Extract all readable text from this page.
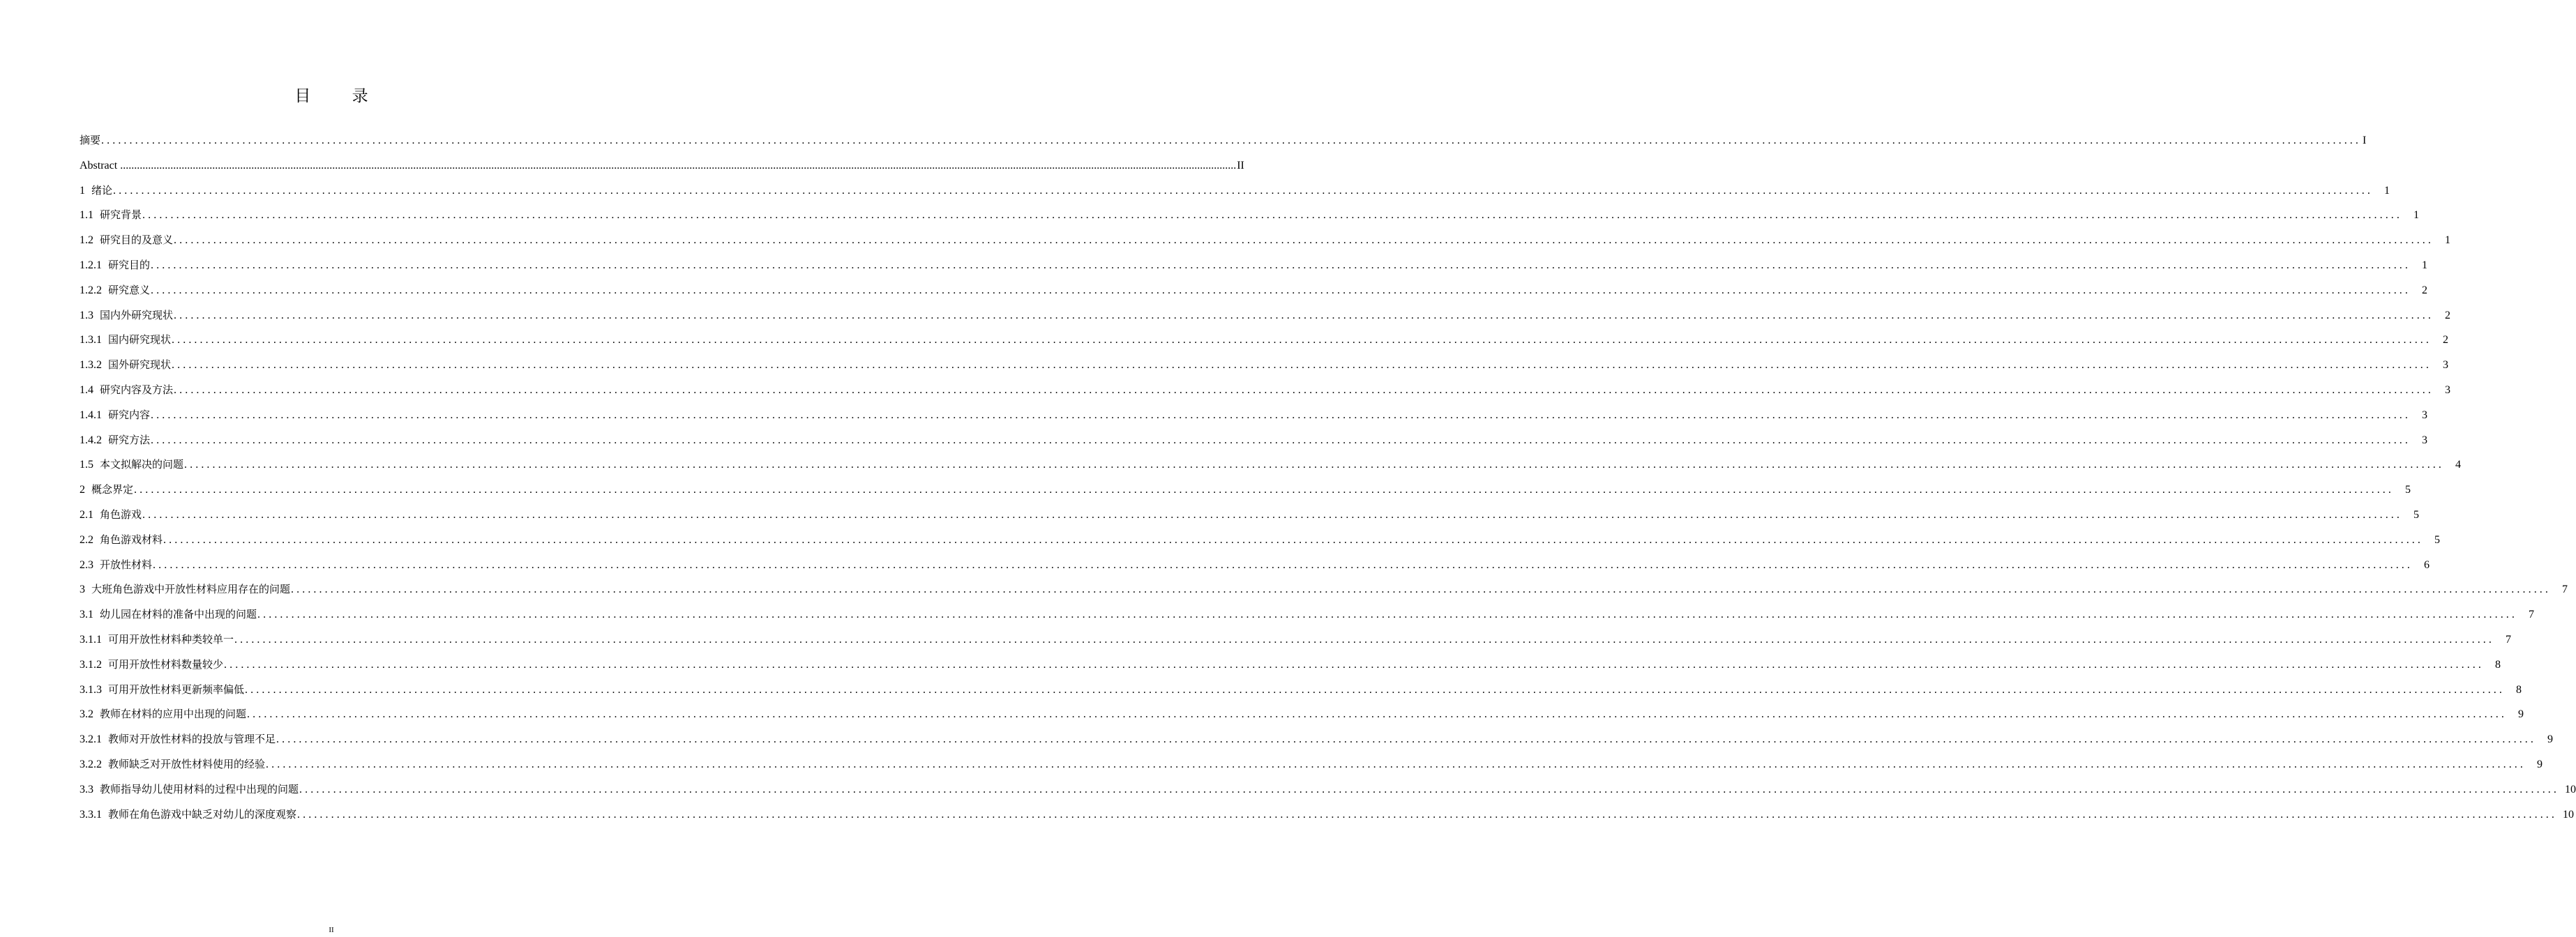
目 录
摘要 ................................................................................................................................................................................................................................................................................................................................................................................................................ I
Abstract ................................................................................................................................................................................................................................................................................................................................................................................................................ II
1 绪论 ................................................................................................................................................................................................................................................................................................................................................................................................................	1
1.1 研究背景 ................................................................................................................................................................................................................................................................................................................................................................................................................	1
1.2 研究目的及意义 ................................................................................................................................................................................................................................................................................................................................................................................................................	1
1.2.1 研究目的 ................................................................................................................................................................................................................................................................................................................................................................................................................	1
1.2.2 研究意义 ................................................................................................................................................................................................................................................................................................................................................................................................................	2
1.3 国内外研究现状 ................................................................................................................................................................................................................................................................................................................................................................................................................	2
1.3.1 国内研究现状 ................................................................................................................................................................................................................................................................................................................................................................................................................	2
1.3.2 国外研究现状 ................................................................................................................................................................................................................................................................................................................................................................................................................	3
1.4 研究内容及方法 ................................................................................................................................................................................................................................................................................................................................................................................................................	3
1.4.1 研究内容 ................................................................................................................................................................................................................................................................................................................................................................................................................	3
1.4.2 研究方法 ................................................................................................................................................................................................................................................................................................................................................................................................................	3
1.5 本文拟解决的问题 ................................................................................................................................................................................................................................................................................................................................................................................................................	4
2 概念界定 ................................................................................................................................................................................................................................................................................................................................................................................................................	5
2.1 角色游戏 ................................................................................................................................................................................................................................................................................................................................................................................................................	5
2.2 角色游戏材料 ................................................................................................................................................................................................................................................................................................................................................................................................................	5
2.3 开放性材料 ................................................................................................................................................................................................................................................................................................................................................................................................................	6
3 大班角色游戏中开放性材料应用存在的问题 ................................................................................................................................................................................................................................................................................................................................................................................................................	7
3.1 幼儿园在材料的准备中出现的问题 ................................................................................................................................................................................................................................................................................................................................................................................................................	7
3.1.1 可用开放性材料种类较单一 ................................................................................................................................................................................................................................................................................................................................................................................................................	7
3.1.2 可用开放性材料数量较少 ................................................................................................................................................................................................................................................................................................................................................................................................................	8
3.1.3 可用开放性材料更新频率偏低 ................................................................................................................................................................................................................................................................................................................................................................................................................	8
3.2 教师在材料的应用中出现的问题 ................................................................................................................................................................................................................................................................................................................................................................................................................	9
3.2.1 教师对开放性材料的投放与管理不足 ................................................................................................................................................................................................................................................................................................................................................................................................................	9
3.2.2 教师缺乏对开放性材料使用的经验 ................................................................................................................................................................................................................................................................................................................................................................................................................	9
3.3 教师指导幼儿使用材料的过程中出现的问题 ................................................................................................................................................................................................................................................................................................................................................................................................................ 10
3.3.1 教师在角色游戏中缺乏对幼儿的深度观察 ................................................................................................................................................................................................................................................................................................................................................................................................................ 10
II
